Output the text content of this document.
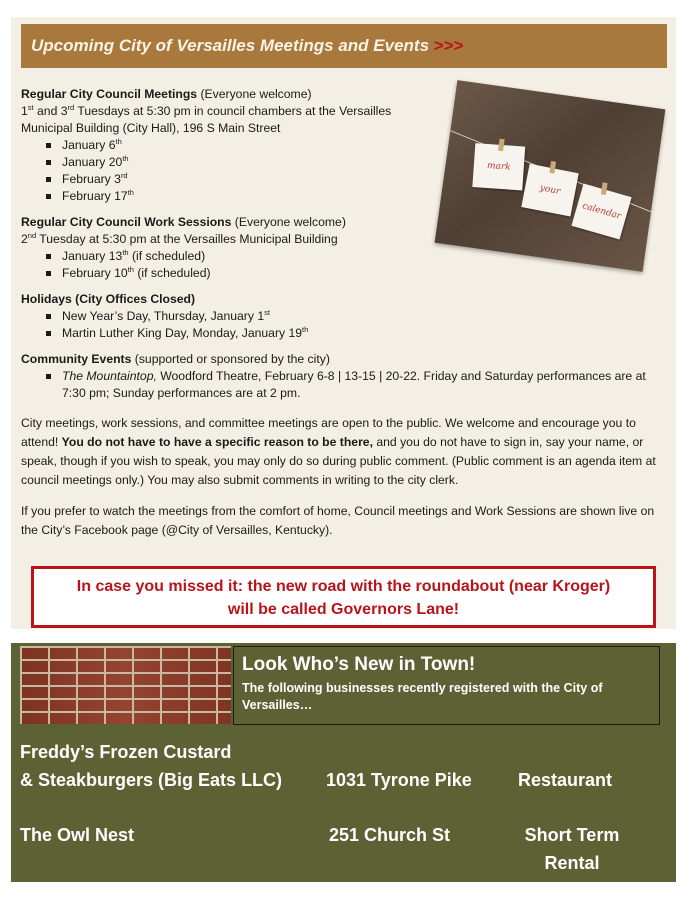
Upcoming City of Versailles Meetings and Events >>>
mark
your
calendar
Regular City Council Meetings (Everyone welcome)
1st and 3rd Tuesdays at 5:30 pm in council chambers at the Versailles Municipal Building (City Hall), 196 S Main Street
January 6th
January 20th
February 3rd
February 17th
Regular City Council Work Sessions (Everyone welcome)
2nd Tuesday at 5:30 pm at the Versailles Municipal Building
January 13th (if scheduled)
February 10th (if scheduled)
Holidays (City Offices Closed)
New Year’s Day, Thursday, January 1st
Martin Luther King Day, Monday, January 19th
Community Events (supported or sponsored by the city)
The Mountaintop, Woodford Theatre, February 6-8 | 13-15 | 20-22. Friday and Saturday performances are at 7:30 pm; Sunday performances are at 2 pm.
City meetings, work sessions, and committee meetings are open to the public. We welcome and encourage you to attend! You do not have to have a specific reason to be there, and you do not have to sign in, say your name, or speak, though if you wish to speak, you may only do so during public comment. (Public comment is an agenda item at council meetings only.) You may also submit comments in writing to the city clerk.
If you prefer to watch the meetings from the comfort of home, Council meetings and Work Sessions are shown live on the City’s Facebook page (@City of Versailles, Kentucky).
In case you missed it: the new road with the roundabout (near Kroger)
will be called Governors Lane!
Look Who’s New in Town!
The following businesses recently registered with the City of Versailles…
Freddy’s Frozen Custard
& Steakburgers (Big Eats LLC) 1031 Tyrone Pike	Restaurant
The Owl Nest	251 Church St	Short Term
Rental
